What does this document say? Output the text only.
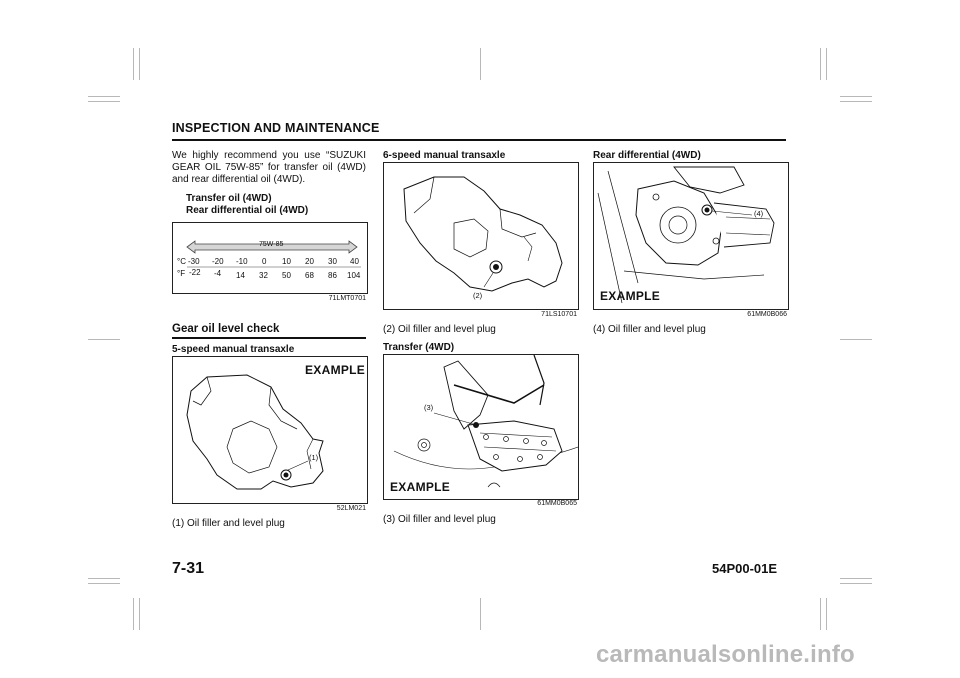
INSPECTION AND MAINTENANCE
We highly recommend you use “SUZUKI GEAR OIL 75W-85” for transfer oil (4WD) and rear differential oil (4WD).
Transfer oil (4WD)
Rear differential oil (4WD)
75W-85
°C
°F
-30 -20 -10 0 10 20 30 40
-22 -4 14 32 50 68 86 104
71LMT0701
Gear oil level check
5-speed manual transaxle
EXAMPLE
(1)
52LM021
(1) Oil filler and level plug
6-speed manual transaxle
(2)
71LS10701
(2) Oil filler and level plug
Transfer (4WD)
EXAMPLE
(3)
61MM0B065
(3) Oil filler and level plug
Rear differential (4WD)
EXAMPLE
(4)
61MM0B066
(4) Oil filler and level plug
7-31	54P00-01E
carmanualsonline.info
